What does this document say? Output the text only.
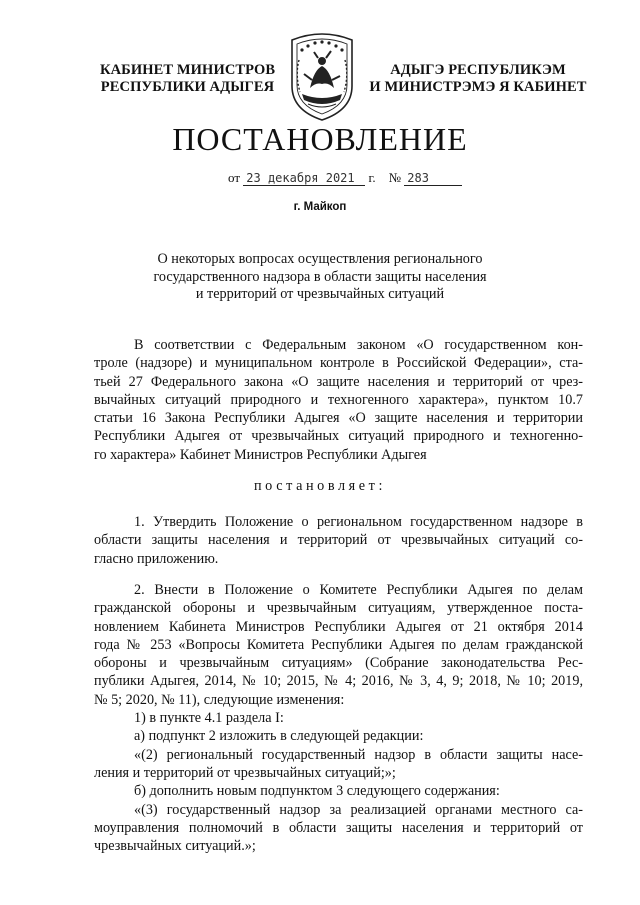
КАБИНЕТ МИНИСТРОВ
РЕСПУБЛИКИ АДЫГЕЯ
АДЫГЭ РЕСПУБЛИКЭМ
И МИНИСТРЭМЭ Я КАБИНЕТ
ПОСТАНОВЛЕНИЕ
от 23 декабря 2021 г. № 283
г. Майкоп
О некоторых вопросах осуществления регионального
государственного надзора в области защиты населения
и территорий от чрезвычайных ситуаций
В соответствии с Федеральным законом «О государственном кон-
троле (надзоре) и муниципальном контроле в Российской Федерации», ста-
тьей 27 Федерального закона «О защите населения и территорий от чрез-
вычайных ситуаций природного и техногенного характера», пунктом 10.7
статьи 16 Закона Республики Адыгея «О защите населения и территории
Республики Адыгея от чрезвычайных ситуаций природного и техногенно-
го характера» Кабинет Министров Республики Адыгея
постановляет:
1. Утвердить Положение о региональном государственном надзоре в
области защиты населения и территорий от чрезвычайных ситуаций со-
гласно приложению.
2. Внести в Положение о Комитете Республики Адыгея по делам
гражданской обороны и чрезвычайным ситуациям, утвержденное поста-
новлением Кабинета Министров Республики Адыгея от 21 октября 2014
года № 253 «Вопросы Комитета Республики Адыгея по делам гражданской
обороны и чрезвычайным ситуациям» (Собрание законодательства Рес-
публики Адыгея, 2014, № 10; 2015, № 4; 2016, № 3, 4, 9; 2018, № 10; 2019,
№ 5; 2020, № 11), следующие изменения:
1) в пункте 4.1 раздела I:
а) подпункт 2 изложить в следующей редакции:
«(2) региональный государственный надзор в области защиты насе-
ления и территорий от чрезвычайных ситуаций;»;
б) дополнить новым подпунктом 3 следующего содержания:
«(3) государственный надзор за реализацией органами местного са-
моуправления полномочий в области защиты населения и территорий от
чрезвычайных ситуаций.»;
